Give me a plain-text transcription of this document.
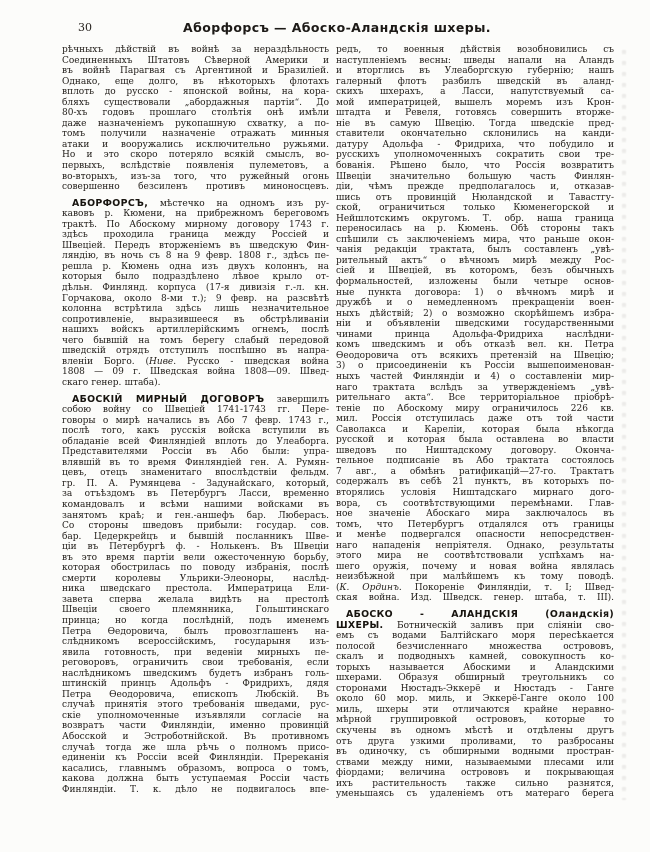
30	Аборфорсъ — Абоско-Аландскія шхеры.
рѣчныхъ дѣйствій въ войнѣ за нераздѣльность
Соединенныхъ Штатовъ Сѣверной Америки и
въ войнѣ Парагвая съ Аргентиной и Бразиліей.
Однако, еще долго, въ нѣкоторыхъ флотахъ
вплоть до русско - японской войны, на кора-
бляхъ существовали „абордажныя партіи“. До
80-хъ годовъ прошлаго столѣтія онѣ имѣли
даже назначеніемъ рукопашную схватку, а по-
томъ получили назначеніе отражать минныя
атаки и вооружались исключительно ружьями.
Но и это скоро потеряло всякій смыслъ, во-
первыхъ, вслѣдствіе появленія пулеметовъ, а
во-вторыхъ, изъ-за того, что ружейный огонь
совершенно безсиленъ противъ миноносцевъ.
АБОРФОРСЪ, мѣстечко на одномъ изъ ру-
кавовъ р. Кюмени, на прибрежномъ береговомъ
трактѣ. По Абоскому мирному договору 1743 г.
здѣсь проходила граница между Россіей и
Швеціей. Передъ вторженіемъ въ шведскую Фин-
ляндію, въ ночь съ 8 на 9 февр. 1808 г., здѣсь пе-
решла р. Кюмень одна изъ двухъ колоннъ, на
которыя было подраздѣлено лѣвое крыло от-
дѣльн. Финлянд. корпуса (17-я дивизія г.-л. кн.
Горчакова, около 8-ми т.); 9 февр. на разсвѣтѣ
колонна встрѣтила здѣсь лишь незначительное
сопротивленіе, выразившееся въ обстрѣливаніи
нашихъ войскъ артиллерійскимъ огнемъ, послѣ
чего бывшій на томъ берегу слабый передовой
шведскій отрядъ отступилъ поспѣшно въ напра-
вленіи Борго. (Ниве. Русско - шведская война
1808 — 09 г. Шведская война 1808—09. Швед-
скаго генер. штаба).
АБОСКІЙ МИРНЫЙ ДОГОВОРЪ завершилъ
собою войну со Швеціей 1741-1743 гг. Пере-
говоры о мирѣ начались въ Або 7 февр. 1743 г.,
послѣ того, какъ русскія войска вступили въ
обладаніе всей Финляндіей вплоть до Улеаборга.
Представителями Россіи въ Або были: упра-
влявшій въ то время Финляндіей ген. А. Румян-
цевъ, отецъ знаменитаго впослѣдствіи фельдм.
гр. П. А. Румянцева - Задунайскаго, который,
за отъѣздомъ въ Петербургъ Ласси, временно
командовалъ и всѣми нашими войсками въ
занятомъ краѣ; и ген.-аншефъ бар. Люберасъ.
Со стороны шведовъ прибыли: государ. сов.
бар. Цедеркрейцъ и бывшій посланникъ Шве-
ціи въ Петербургѣ ф. - Нолькенъ. Въ Швеціи
въ это время партіи вели ожесточенную борьбу,
которая обострилась по поводу избранія, послѣ
смерти королевы Ульрики-Элеоноры, наслѣд-
ника шведскаго престола. Императрица Ели-
завета сперва желала видѣть на престолѣ
Швеціи своего племянника, Гольштинскаго
принца; но когда послѣдній, подъ именемъ
Петра Ѳедоровича, былъ провозглашенъ на-
слѣдникомъ всероссійскимъ, государыня изъ-
явила готовность, при веденіи мирныхъ пе-
реговоровъ, ограничить свои требованія, если
наслѣдникомъ шведскимъ будетъ избранъ голь-
штинскій принцъ Адольфъ - Фридрихъ, дядя
Петра Ѳеодоровича, епископъ Любскій. Въ
случаѣ принятія этого требованія шведами, рус-
скіе уполномоченные изъявляли согласіе на
возвратъ части Финляндіи, именно провинцій
Абосской и Эстроботнійской. Въ противномъ
случаѣ тогда же шла рѣчь о полномъ присо-
единеніи къ Россіи всей Финляндіи. Пререканія
касались, главнымъ образомъ, вопроса о томъ,
какова должна быть уступаемая Россіи часть
Финляндіи. Т. к. дѣло не подвигалось впе-
редъ, то военныя дѣйствія возобновились съ
наступленіемъ весны: шведы напали на Аландъ
и вторглись въ Улеаборгскую губернію; нашъ
галерный флотъ разбилъ шведскій въ аланд-
скихъ шхерахъ, а Ласси, напутствуемый са-
мой императрицей, вышелъ моремъ изъ Крон-
штадта и Ревеля, готовясь совершить вторже-
ніе въ самую Швецію. Тогда шведскіе пред-
ставители окончательно склонились на канди-
датуру Адольфа - Фридриха, что побудило и
русскихъ уполномоченныхъ сократить свои тре-
бованія. Рѣшено было, что Россія возвратитъ
Швеціи значительно большую часть Финлян-
діи, чѣмъ прежде предполагалось и, отказав-
шись отъ провинцій Нюландской и Тавастгу-
ской, ограничиться только Кюменегорской и
Нейшлотскимъ округомъ. Т. обр. наша граница
переносилась на р. Кюмень. Обѣ стороны такъ
спѣшили съ заключеніемъ мира, что раньше окон-
чанія редакціи трактата, былъ составленъ „увѣ-
рительный актъ“ о вѣчномъ мирѣ между Рос-
сіей и Швеціей, въ которомъ, безъ обычныхъ
формальностей, изложены были четыре основ-
ные пункта договора: 1) о вѣчномъ мирѣ и
дружбѣ и о немедленномъ прекращеніи воен-
ныхъ дѣйствій; 2) о возможно скорѣйшемъ избра-
ніи и объявленіи шведскими государственными
чинами принца Адольфа-Фридриха наслѣдни-
комъ шведскимъ и объ отказѣ вел. кн. Петра
Ѳеодоровича отъ всякихъ претензій на Швецію;
3) о присоединеніи къ Россіи вышепоименован-
ныхъ частей Финляндіи и 4) о составленіи мир-
наго трактата вслѣдъ за утвержденіемъ „увѣ-
рительнаго акта“. Все территоріальное пріобрѣ-
теніе по Абоскому миру ограничилось 226 кв.
мил. Россія отступилась даже отъ той части
Саволакса и Кареліи, которая была нѣкогда
русской и которая была оставлена во власти
шведовъ по Ништадскому договору. Оконча-
тельное подписаніе въ Або трактата состоялось
7 авг., а обмѣнъ ратификацій—27-го. Трактатъ
содержалъ въ себѣ 21 пунктъ, въ которыхъ по-
вторялись условія Ништадскаго мирнаго дого-
вора, съ соотвѣтствующими перемѣнами. Глав-
ное значеніе Абоскаго мира заключалось въ
томъ, что Петербургъ отдалялся отъ границы
и менѣе подвергался опасности непосредствен-
наго нападенія непріятеля. Однако, результаты
этого мира не соотвѣтствовали успѣхамъ на-
шего оружія, почему и новая война являлась
неизбѣжной при малѣйшемъ къ тому поводѣ.
(К. Ординъ. Покореніе Финляндіи, т. I; Швед-
ская война. Изд. Шведск. генер. штаба, т. III).
АБОСКО - АЛАНДСКІЯ (Оландскія)
ШХЕРЫ. Ботническій заливъ при сліяніи сво-
емъ съ водами Балтійскаго моря пересѣкается
полосой безчисленнаго множества острововъ,
скалъ и подводныхъ камней, совокупность ко-
торыхъ называется Абоскими и Аландскими
шхерами. Образуя обширный треугольникъ со
сторонами Нюстадъ-Эккерё и Нюстадъ - Ганге
около 60 мор. миль, и Эккерё-Ганге около 100
миль, шхеры эти отличаются крайне неравно-
мѣрной группировкой острововъ, которые то
скучены въ одномъ мѣстѣ и отдѣлены другъ
отъ друга узкими проливами, то разбросаны
въ одиночку, съ обширными водными простран-
ствами между ними, называемыми плесами или
фіордами; величина острововъ и покрывающая
ихъ растительность также сильно разнятся,
уменьшаясь съ удаленіемъ отъ матераго берега
